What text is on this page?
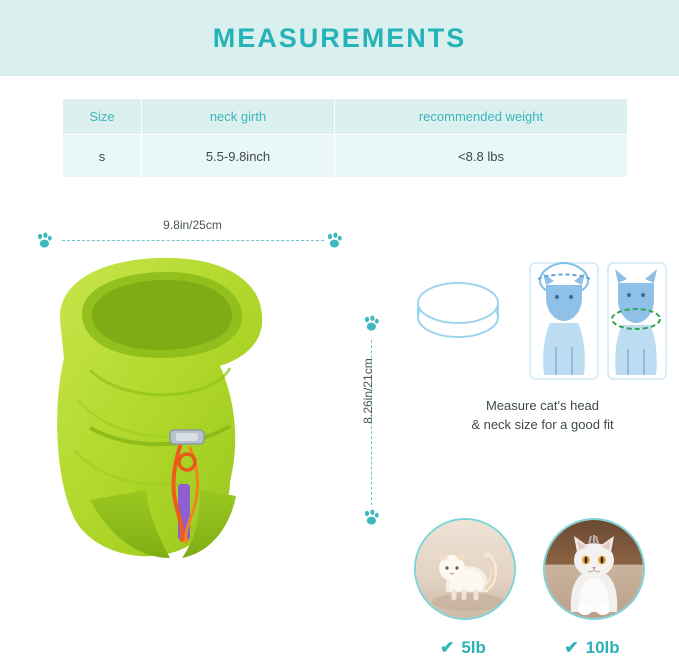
MEASUREMENTS
Size	neck girth	recommended weight
s	5.5-9.8inch	<8.8 lbs
9.8in/25cm
8.26in/21cm	Measure cat's head
& neck size for a good fit
✔ 5lb	✔ 10lb
